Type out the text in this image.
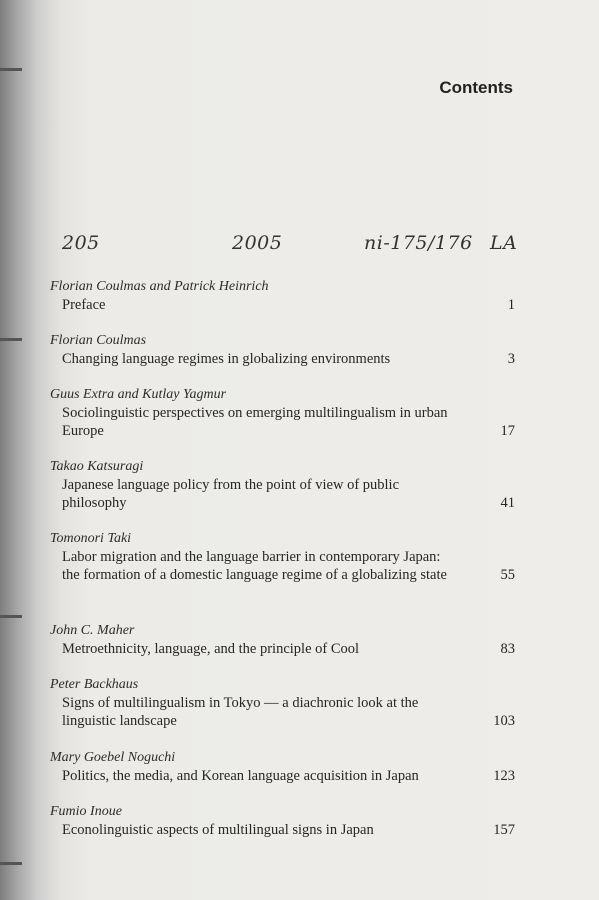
Contents
205	2005	ni-175/176 LA
Florian Coulmas and Patrick Heinrich
Preface	1
Florian Coulmas
Changing language regimes in globalizing environments	3
Guus Extra and Kutlay Yagmur
Sociolinguistic perspectives on emerging multilingualism in urban Europe	17
Takao Katsuragi
Japanese language policy from the point of view of public philosophy	41
Tomonori Taki
Labor migration and the language barrier in contemporary Japan: the formation of a domestic language regime of a globalizing state	55
John C. Maher
Metroethnicity, language, and the principle of Cool	83
Peter Backhaus
Signs of multilingualism in Tokyo — a diachronic look at the linguistic landscape	103
Mary Goebel Noguchi
Politics, the media, and Korean language acquisition in Japan	123
Fumio Inoue
Econolinguistic aspects of multilingual signs in Japan	157
